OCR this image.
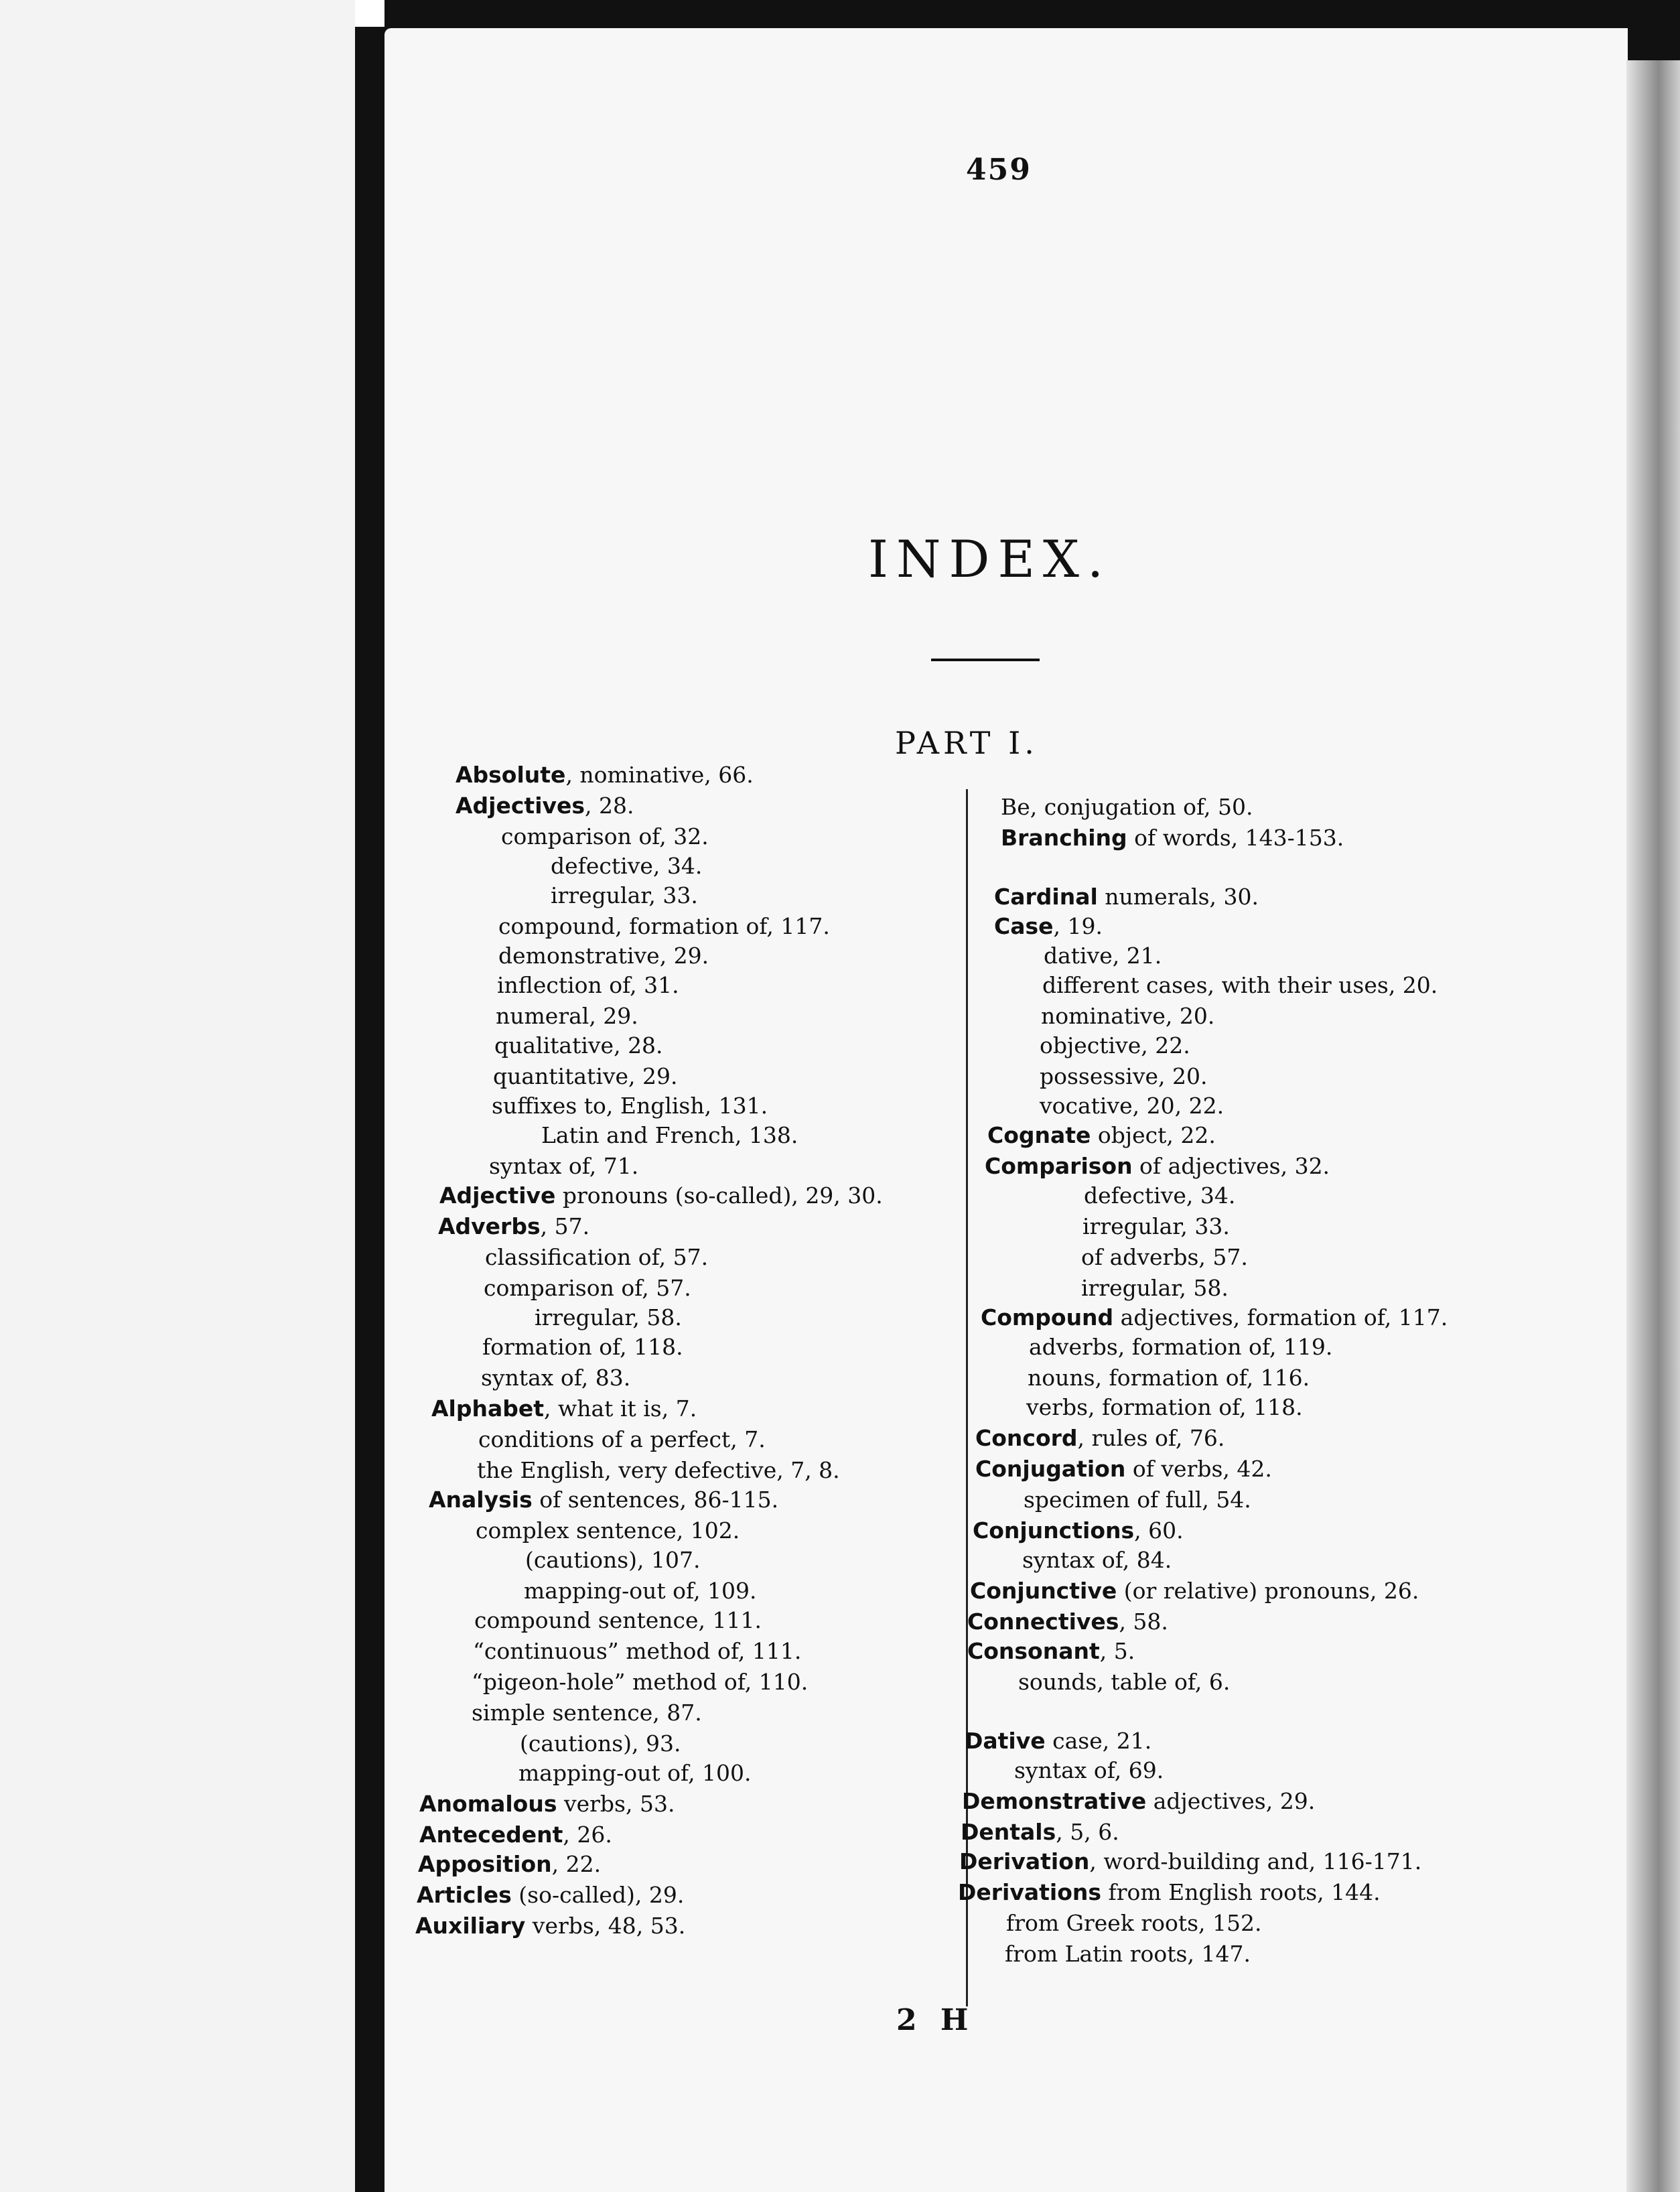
459
INDEX.
PART I.
Absolute, nominative, 66.
Adjectives, 28.
comparison of, 32.
defective, 34.
irregular, 33.
compound, formation of, 117.
demonstrative, 29.
inflection of, 31.
numeral, 29.
qualitative, 28.
quantitative, 29.
suffixes to, English, 131.
Latin and French, 138.
syntax of, 71.
Adjective pronouns (so-called), 29, 30.
Adverbs, 57.
classification of, 57.
comparison of, 57.
irregular, 58.
formation of, 118.
syntax of, 83.
Alphabet, what it is, 7.
conditions of a perfect, 7.
the English, very defective, 7, 8.
Analysis of sentences, 86-115.
complex sentence, 102.
(cautions), 107.
mapping-out of, 109.
compound sentence, 111.
“continuous” method of, 111.
“pigeon-hole” method of, 110.
simple sentence, 87.
(cautions), 93.
mapping-out of, 100.
Anomalous verbs, 53.
Antecedent, 26.
Apposition, 22.
Articles (so-called), 29.
Auxiliary verbs, 48, 53.
Be, conjugation of, 50.
Branching of words, 143-153.
Cardinal numerals, 30.
Case, 19.
dative, 21.
different cases, with their uses, 20.
nominative, 20.
objective, 22.
possessive, 20.
vocative, 20, 22.
Cognate object, 22.
Comparison of adjectives, 32.
defective, 34.
irregular, 33.
of adverbs, 57.
irregular, 58.
Compound adjectives, formation of, 117.
adverbs, formation of, 119.
nouns, formation of, 116.
verbs, formation of, 118.
Concord, rules of, 76.
Conjugation of verbs, 42.
specimen of full, 54.
Conjunctions, 60.
syntax of, 84.
Conjunctive (or relative) pronouns, 26.
Connectives, 58.
Consonant, 5.
sounds, table of, 6.
Dative case, 21.
syntax of, 69.
Demonstrative adjectives, 29.
Dentals, 5, 6.
Derivation, word-building and, 116-171.
Derivations from English roots, 144.
from Greek roots, 152.
from Latin roots, 147.
2 H
